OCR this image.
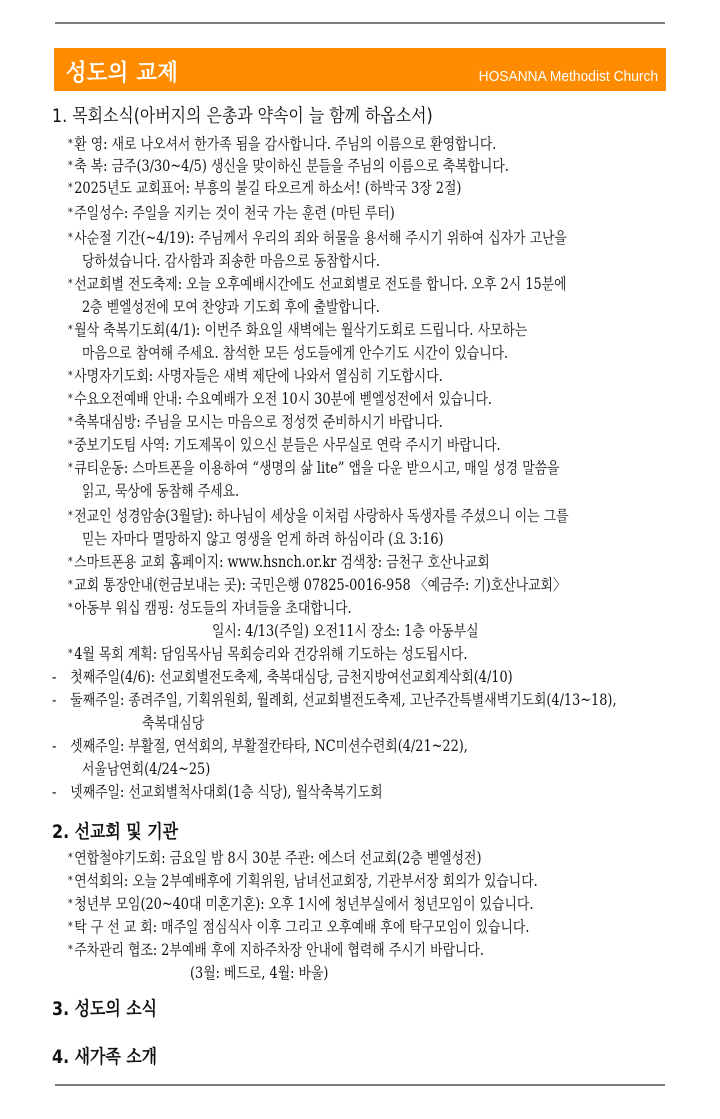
성도의 교제	HOSANNA Methodist Church
1. 목회소식(아버지의 은총과 약속이 늘 함께 하옵소서)
* 환 영: 새로 나오셔서 한가족 됨을 감사합니다. 주님의 이름으로 환영합니다.
* 축 복: 금주(3/30~4/5) 생신을 맞이하신 분들을 주님의 이름으로 축복합니다.
* 2025년도 교회표어: 부흥의 불길 타오르게 하소서! (하박국 3장 2절)
* 주일성수: 주일을 지키는 것이 천국 가는 훈련 (마틴 루터)
* 사순절 기간(~4/19): 주님께서 우리의 죄와 허물을 용서해 주시기 위하여 십자가 고난을
당하셨습니다. 감사함과 죄송한 마음으로 동참합시다.
* 선교회별 전도축제: 오늘 오후예배시간에도 선교회별로 전도를 합니다. 오후 2시 15분에
2층 벧엘성전에 모여 찬양과 기도회 후에 출발합니다.
* 월삭 축복기도회(4/1): 이번주 화요일 새벽에는 월삭기도회로 드립니다. 사모하는
마음으로 참여해 주세요. 참석한 모든 성도들에게 안수기도 시간이 있습니다.
* 사명자기도회: 사명자들은 새벽 제단에 나와서 열심히 기도합시다.
* 수요오전예배 안내: 수요예배가 오전 10시 30분에 벧엘성전에서 있습니다.
* 축복대심방: 주님을 모시는 마음으로 정성껏 준비하시기 바랍니다.
* 중보기도팀 사역: 기도제목이 있으신 분들은 사무실로 연락 주시기 바랍니다.
* 큐티운동: 스마트폰을 이용하여 “생명의 삶 lite” 앱을 다운 받으시고, 매일 성경 말씀을
읽고, 묵상에 동참해 주세요.
* 전교인 성경암송(3월달): 하나님이 세상을 이처럼 사랑하사 독생자를 주셨으니 이는 그를
믿는 자마다 멸망하지 않고 영생을 얻게 하려 하심이라 (요 3:16)
* 스마트폰용 교회 홈페이지: www.hsnch.or.kr 검색창: 금천구 호산나교회
* 교회 통장안내(헌금보내는 곳): 국민은행 07825-0016-958 〈예금주: 기)호산나교회〉
* 아동부 워십 캠핑: 성도들의 자녀들을 초대합니다.
일시: 4/13(주일) 오전11시 장소: 1층 아동부실
* 4월 목회 계획: 담임목사님 목회승리와 건강위해 기도하는 성도됩시다.
- 첫째주일(4/6): 선교회별전도축제, 축복대심당, 금천지방여선교회계삭회(4/10)
- 둘째주일: 종려주일, 기획위원회, 월례회, 선교회별전도축제, 고난주간특별새벽기도회(4/13~18),
축복대심당
- 셋째주일: 부활절, 연석회의, 부활절칸타타, NC미션수련회(4/21~22),
서울남연회(4/24~25)
- 넷째주일: 선교회별척사대회(1층 식당), 월삭축복기도회
2. 선교회 및 기관
* 연합철야기도회: 금요일 밤 8시 30분 주관: 에스더 선교회(2층 벧엘성전)
* 연석회의: 오늘 2부예배후에 기획위원, 남녀선교회장, 기관부서장 회의가 있습니다.
* 청년부 모임(20~40대 미혼기혼): 오후 1시에 청년부실에서 청년모임이 있습니다.
* 탁 구 선 교 회: 매주일 점심식사 이후 그리고 오후예배 후에 탁구모임이 있습니다.
* 주차관리 협조: 2부예배 후에 지하주차장 안내에 협력해 주시기 바랍니다.
(3월: 베드로, 4월: 바울)
3. 성도의 소식
4. 새가족 소개
